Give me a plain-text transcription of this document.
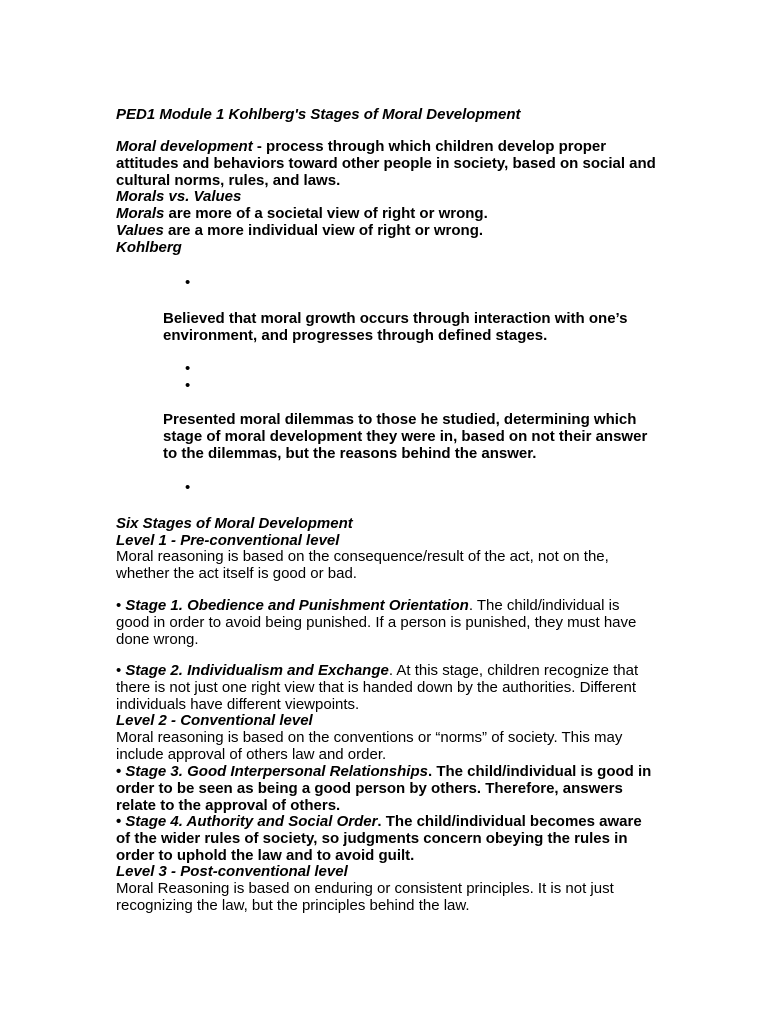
PED1 Module 1 Kohlberg's Stages of Moral Development

Moral development - process through which children develop proper attitudes and behaviors toward other people in society, based on social and cultural norms, rules, and laws.

Morals vs. Values

Morals are more of a societal view of right or wrong.

Values are a more individual view of right or wrong.

Kohlberg

•

Believed that moral growth occurs through interaction with one’s environment, and progresses through defined stages.

•
•

Presented moral dilemmas to those he studied, determining which stage of moral development they were in, based on not their answer to the dilemmas, but the reasons behind the answer.

•

Six Stages of Moral Development

Level 1 - Pre-conventional level

Moral reasoning is based on the consequence/result of the act, not on the, whether the act itself is good or bad.

• Stage 1. Obedience and Punishment Orientation. The child/individual is good in order to avoid being punished. If a person is punished, they must have done wrong.

• Stage 2. Individualism and Exchange. At this stage, children recognize that there is not just one right view that is handed down by the authorities. Different individuals have different viewpoints.

Level 2 - Conventional level

Moral reasoning is based on the conventions or “norms” of society. This may include approval of others law and order.

• Stage 3. Good Interpersonal Relationships. The child/individual is good in order to be seen as being a good person by others. Therefore, answers relate to the approval of others.

• Stage 4. Authority and Social Order. The child/individual becomes aware of the wider rules of society, so judgments concern obeying the rules in order to uphold the law and to avoid guilt.

Level 3 - Post-conventional level

Moral Reasoning is based on enduring or consistent principles. It is not just recognizing the law, but the principles behind the law.
